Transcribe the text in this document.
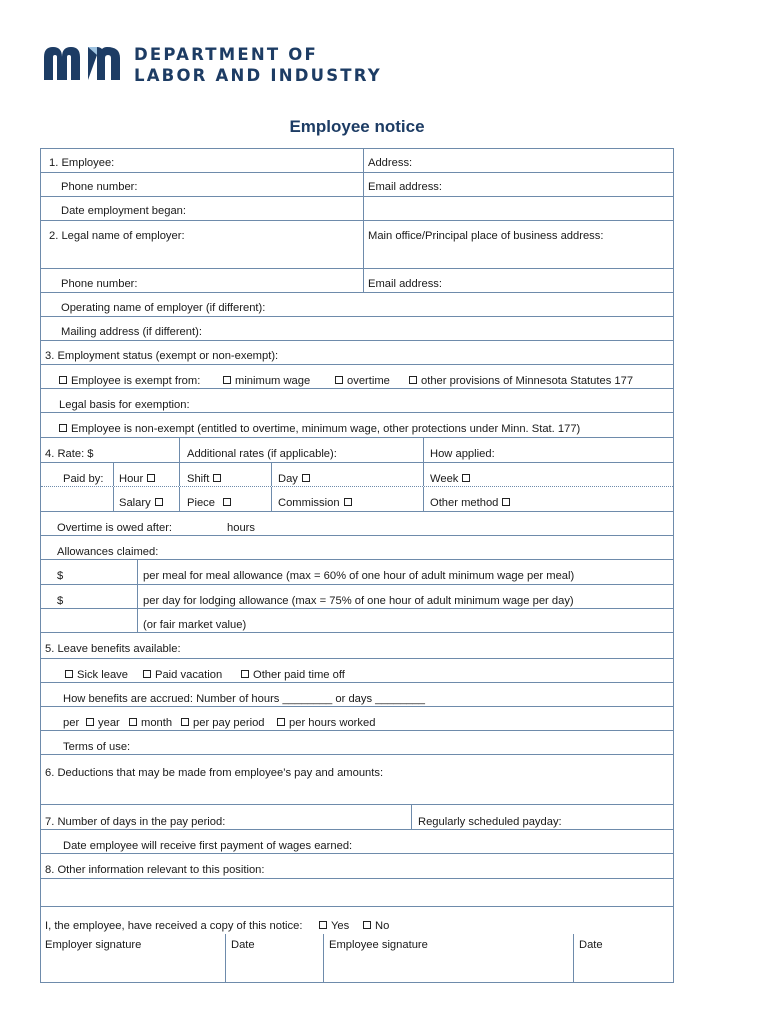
DEPARTMENT OF
LABOR AND INDUSTRY
Employee notice
1. Employee:	Address:
Phone number:	Email address:
Date employment began:
2. Legal name of employer:	Main office/Principal place of business address:
Phone number:	Email address:
Operating name of employer (if different):
Mailing address (if different):
3. Employment status (exempt or non-exempt):
Employee is exempt from:	minimum wage	overtime	other provisions of Minnesota Statutes 177
Legal basis for exemption:
Employee is non-exempt (entitled to overtime, minimum wage, other protections under Minn. Stat. 177)
4. Rate: $	Additional rates (if applicable):	How applied:
Paid by: Hour	Shift	Day	Week
Salary	Piece	Commission	Other method
Overtime is owed after:	hours
Allowances claimed:
$	per meal for meal allowance (max = 60% of one hour of adult minimum wage per meal)
$	per day for lodging allowance (max = 75% of one hour of adult minimum wage per day)
(or fair market value)
5. Leave benefits available:
Sick leave	Paid vacation	Other paid time off
How benefits are accrued: Number of hours ________ or days ________
per	year	month	per pay period	per hours worked
Terms of use:
6. Deductions that may be made from employee’s pay and amounts:
7. Number of days in the pay period:	Regularly scheduled payday:
Date employee will receive first payment of wages earned:
8. Other information relevant to this position:
I, the employee, have received a copy of this notice:	Yes	No
Employer signature	Date	Employee signature	Date
